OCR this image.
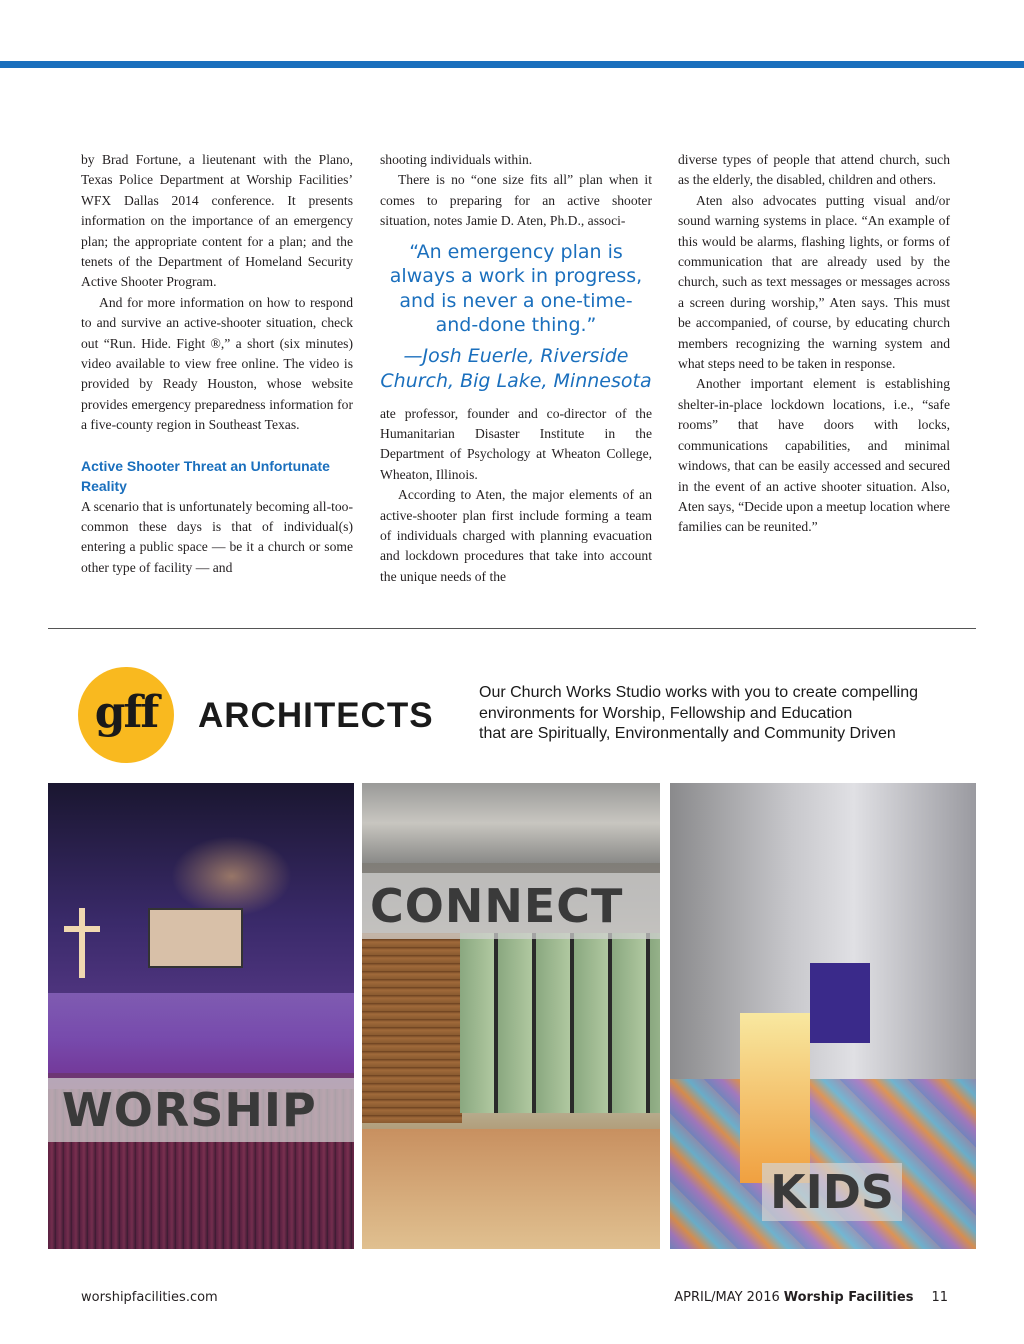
by Brad Fortune, a lieutenant with the Plano, Texas Police Department at Worship Facilities’ WFX Dallas 2014 conference. It presents information on the importance of an emergency plan; the appropriate content for a plan; and the tenets of the Department of Homeland Security Active Shooter Program.

And for more information on how to respond to and survive an active-shooter situation, check out “Run. Hide. Fight ®,” a short (six minutes) video available to view free online. The video is provided by Ready Houston, whose website provides emergency preparedness information for a five-county region in Southeast Texas.

Active Shooter Threat an Unfortunate Reality

A scenario that is unfortunately becoming all-too-common these days is that of individual(s) entering a public space — be it a church or some other type of facility — and

shooting individuals within.

There is no “one size fits all” plan when it comes to preparing for an active shooter situation, notes Jamie D. Aten, Ph.D., associ-

“An emergency plan is always a work in progress, and is never a one-time-and-done thing.”
—Josh Euerle, Riverside Church, Big Lake, Minnesota

ate professor, founder and co-director of the Humanitarian Disaster Institute in the Department of Psychology at Wheaton College, Wheaton, Illinois.

According to Aten, the major elements of an active-shooter plan first include forming a team of individuals charged with planning evacuation and lockdown procedures that take into account the unique needs of the

diverse types of people that attend church, such as the elderly, the disabled, children and others.

Aten also advocates putting visual and/or sound warning systems in place. “An example of this would be alarms, flashing lights, or forms of communication that are already used by the church, such as text messages or messages across a screen during worship,” Aten says. This must be accompanied, of course, by educating church members recognizing the warning system and what steps need to be taken in response.

Another important element is establishing shelter-in-place lockdown locations, i.e., “safe rooms” that have doors with locks, communications capabilities, and minimal windows, that can be easily accessed and secured in the event of an active shooter situation. Also, Aten says, “Decide upon a meetup location where families can be reunited.”

gff ARCHITECTS
Our Church Works Studio works with you to create compelling
environments for Worship, Fellowship and Education
that are Spiritually, Environmentally and Community Driven
WORSHIP
CONNECT
KIDS
worshipfacilities.com	APRIL/MAY 2016 Worship Facilities 11
